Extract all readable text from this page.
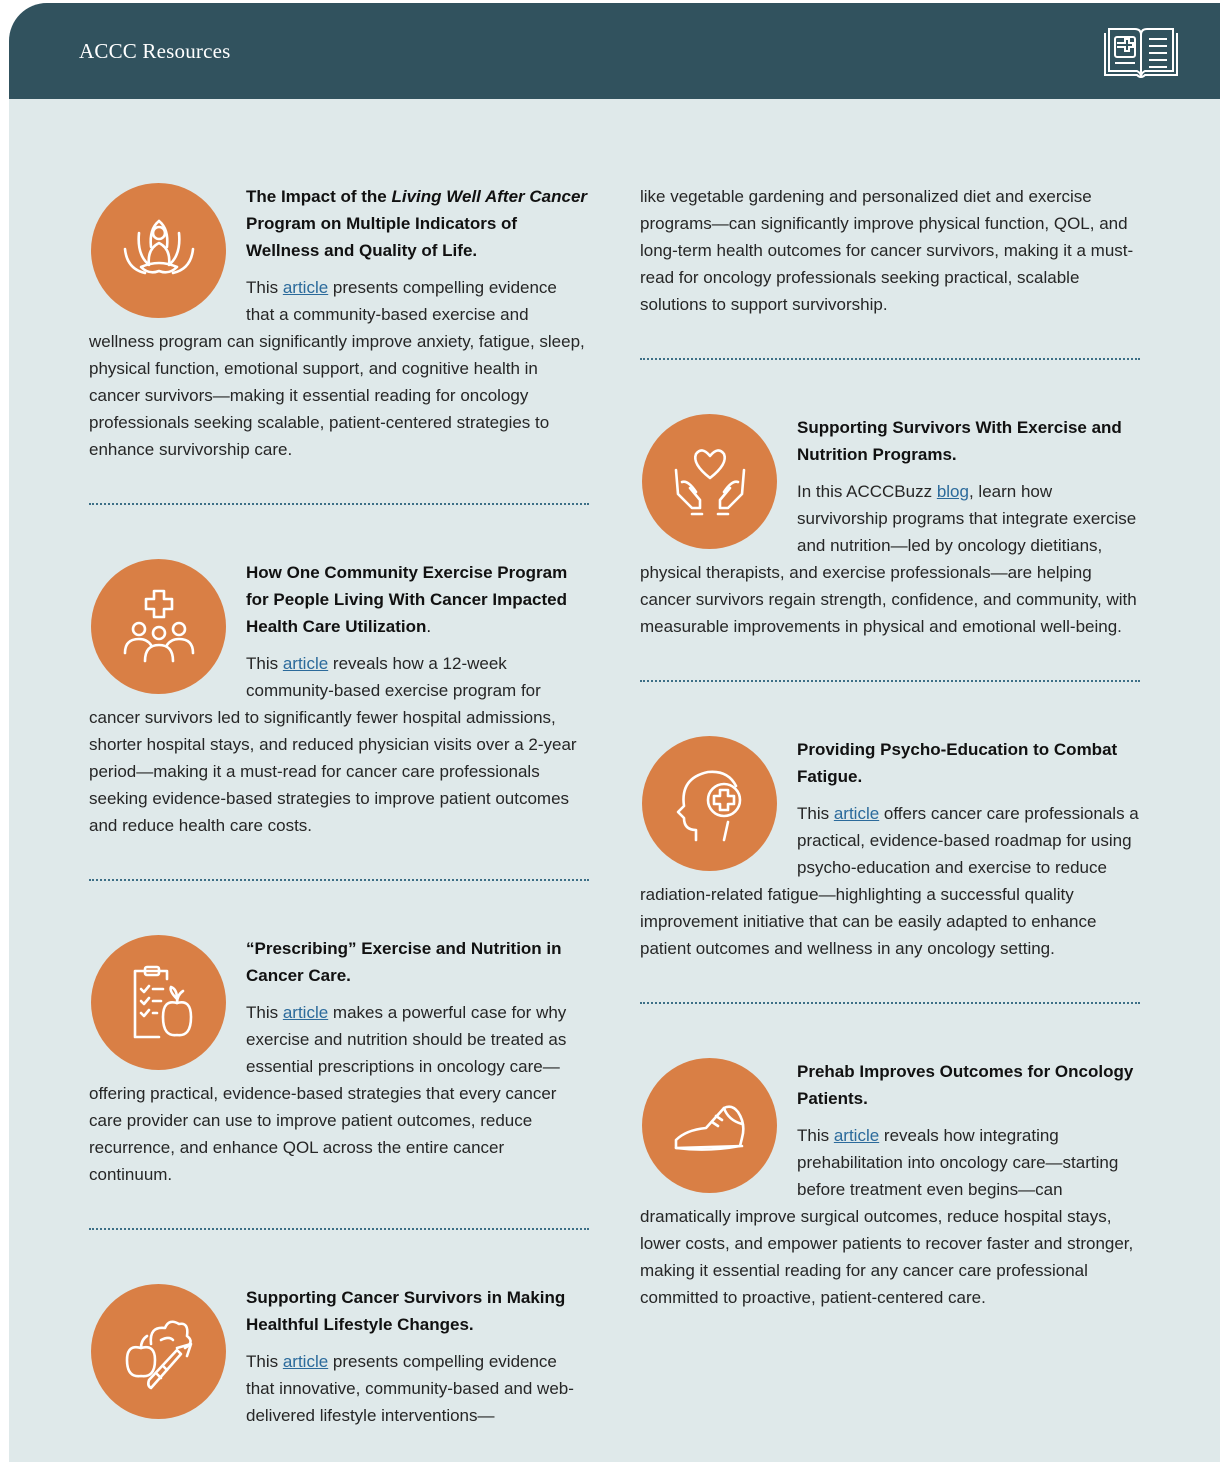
ACCC Resources

The Impact of the Living Well After Cancer Program on Multiple Indicators of Wellness and Quality of Life.

This article presents compelling evidence that a community-based exercise and wellness program can significantly improve anxiety, fatigue, sleep, physical function, emotional support, and cognitive health in cancer survivors—making it essential reading for oncology professionals seeking scalable, patient-centered strategies to enhance survivorship care.

How One Community Exercise Program for People Living With Cancer Impacted Health Care Utilization.

This article reveals how a 12-week community-based exercise program for cancer survivors led to significantly fewer hospital admissions, shorter hospital stays, and reduced physician visits over a 2-year period—making it a must-read for cancer care professionals seeking evidence-based strategies to improve patient outcomes and reduce health care costs.

“Prescribing” Exercise and Nutrition in Cancer Care.

This article makes a powerful case for why exercise and nutrition should be treated as essential prescriptions in oncology care—offering practical, evidence-based strategies that every cancer care provider can use to improve patient outcomes, reduce recurrence, and enhance QOL across the entire cancer continuum.

Supporting Cancer Survivors in Making Healthful Lifestyle Changes.

This article presents compelling evidence that innovative, community-based and web-delivered lifestyle interventions—

like vegetable gardening and personalized diet and exercise programs—can significantly improve physical function, QOL, and long-term health outcomes for cancer survivors, making it a must-read for oncology professionals seeking practical, scalable solutions to support survivorship.

Supporting Survivors With Exercise and Nutrition Programs.

In this ACCCBuzz blog, learn how survivorship programs that integrate exercise and nutrition—led by oncology dietitians, physical therapists, and exercise professionals—are helping cancer survivors regain strength, confidence, and community, with measurable improvements in physical and emotional well-being.

Providing Psycho-Education to Combat Fatigue.

This article offers cancer care professionals a practical, evidence-based roadmap for using psycho-education and exercise to reduce radiation-related fatigue—highlighting a successful quality improvement initiative that can be easily adapted to enhance patient outcomes and wellness in any oncology setting.

Prehab Improves Outcomes for Oncology Patients.

This article reveals how integrating prehabilitation into oncology care—starting before treatment even begins—can dramatically improve surgical outcomes, reduce hospital stays, lower costs, and empower patients to recover faster and stronger, making it essential reading for any cancer care professional committed to proactive, patient-centered care.
